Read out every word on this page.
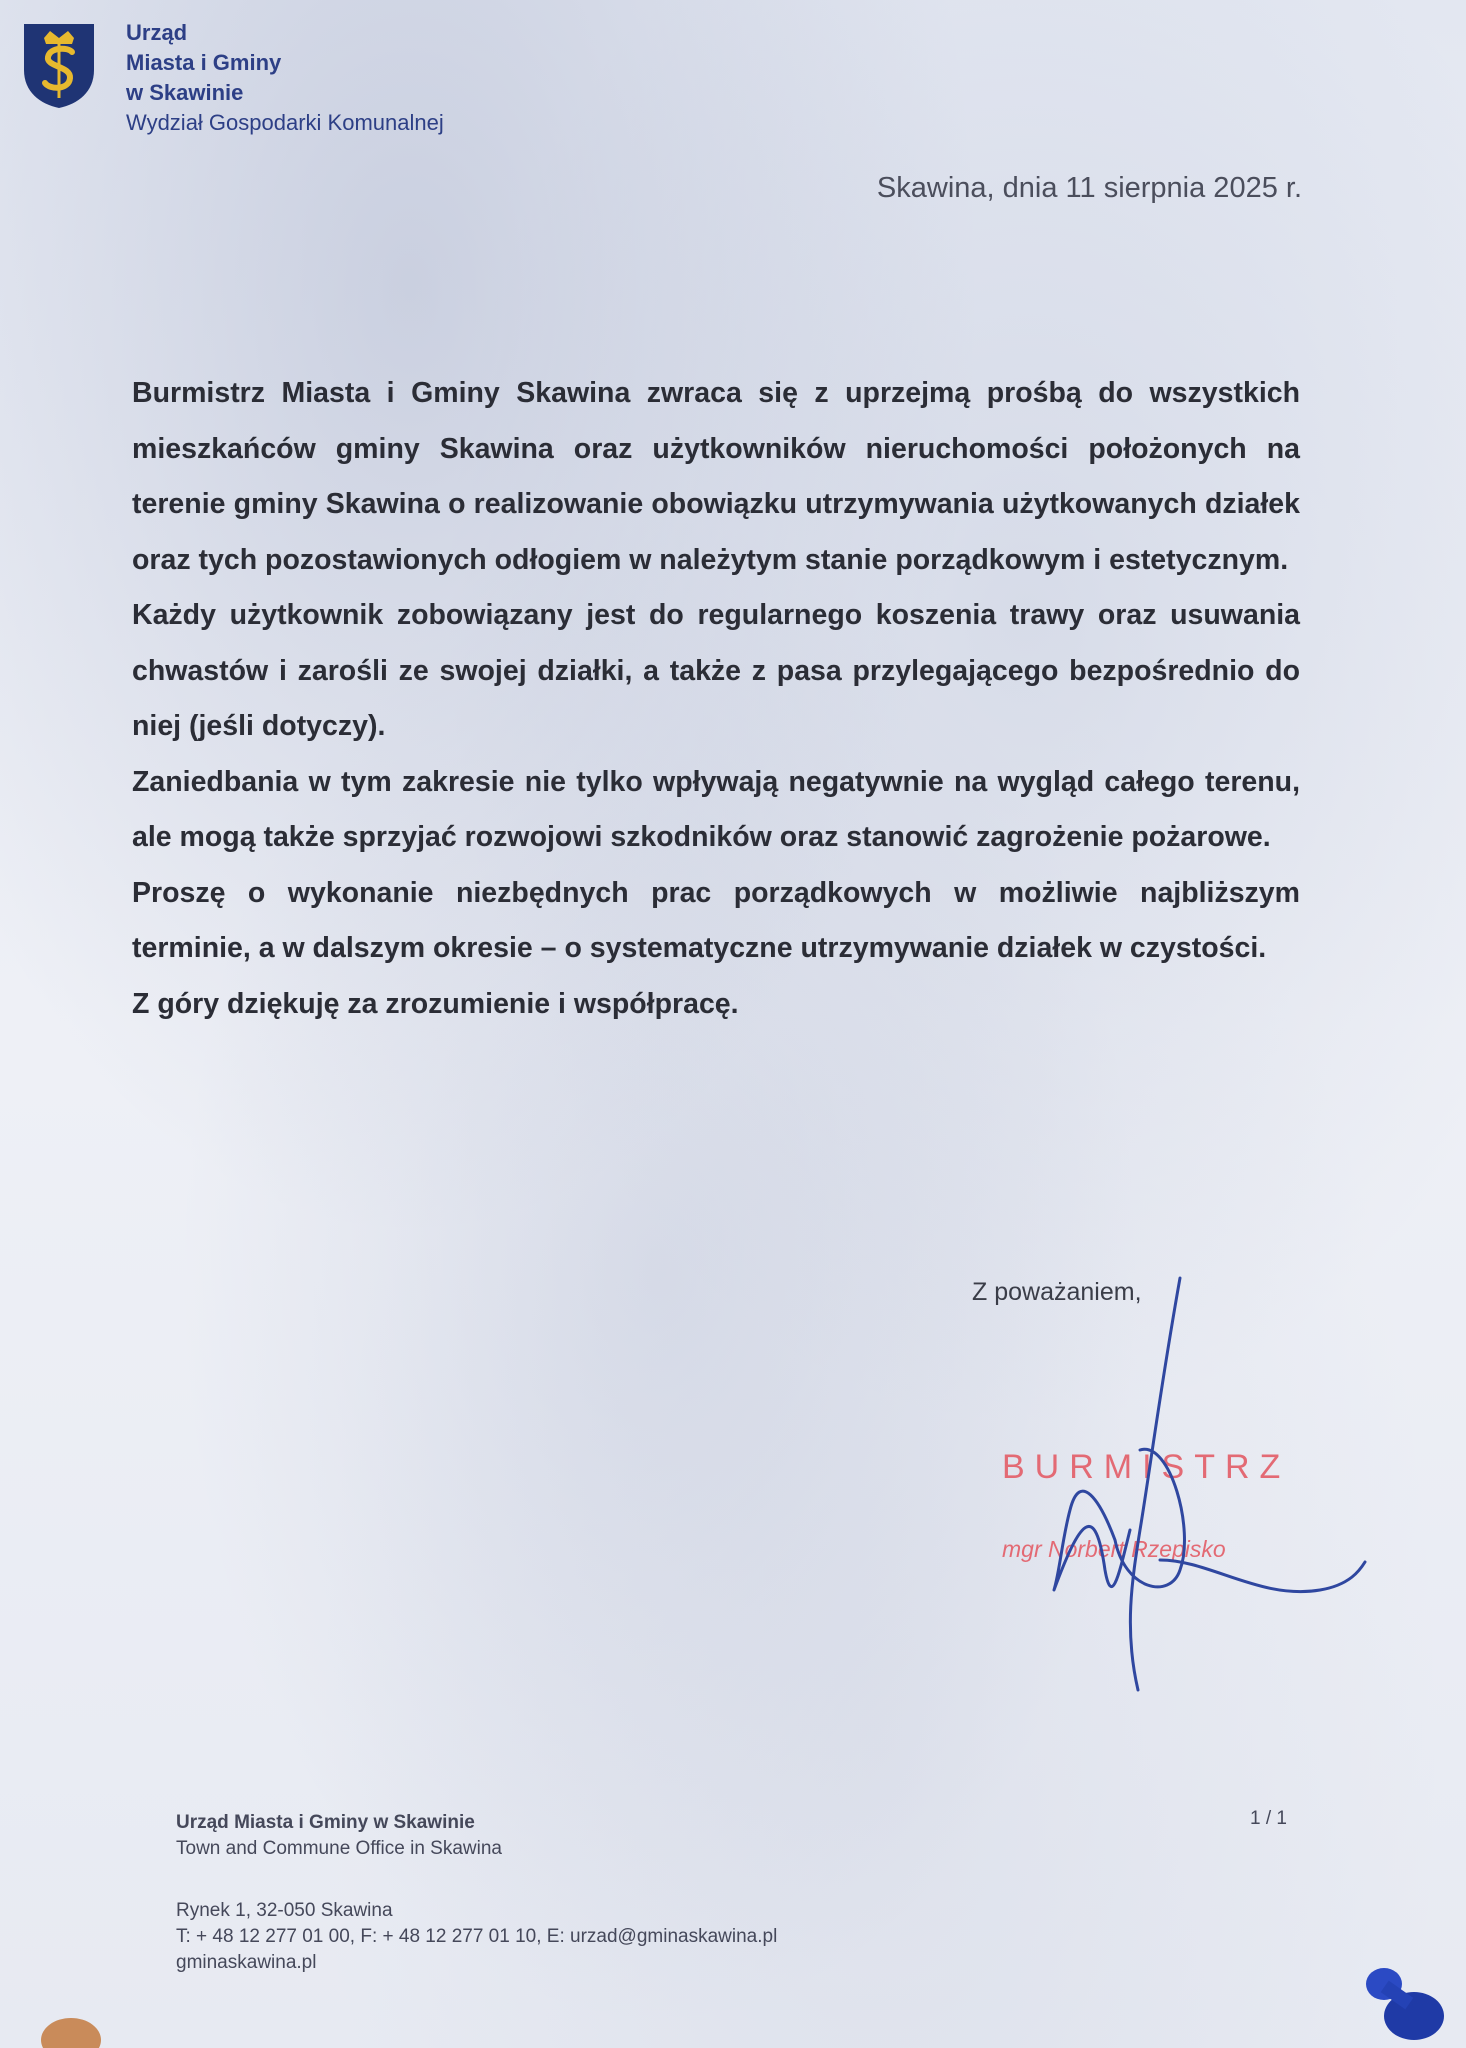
Urząd
Miasta i Gminy
w Skawinie
Wydział Gospodarki Komunalnej
Skawina, dnia 11 sierpnia 2025 r.

Burmistrz Miasta i Gminy Skawina zwraca się z uprzejmą prośbą do wszystkich mieszkańców gminy Skawina oraz użytkowników nieruchomości położonych na terenie gminy Skawina o realizowanie obowiązku utrzymywania użytkowanych działek oraz tych pozostawionych odłogiem w należytym stanie porządkowym i estetycznym.

Każdy użytkownik zobowiązany jest do regularnego koszenia trawy oraz usuwania chwastów i zarośli ze swojej działki, a także z pasa przylegającego bezpośrednio do niej (jeśli dotyczy).

Zaniedbania w tym zakresie nie tylko wpływają negatywnie na wygląd całego terenu, ale mogą także sprzyjać rozwojowi szkodników oraz stanowić zagrożenie pożarowe.

Proszę o wykonanie niezbędnych prac porządkowych w możliwie najbliższym terminie, a w dalszym okresie – o systematyczne utrzymywanie działek w czystości.

Z góry dziękuję za zrozumienie i współpracę.

Z poważaniem,
BURMISTRZ
mgr Norbert Rzepisko
Urząd Miasta i Gminy w Skawinie
Town and Commune Office in Skawina
Rynek 1, 32-050 Skawina
T: + 48 12 277 01 00, F: + 48 12 277 01 10, E: urzad@gminaskawina.pl
gminaskawina.pl
1 / 1
